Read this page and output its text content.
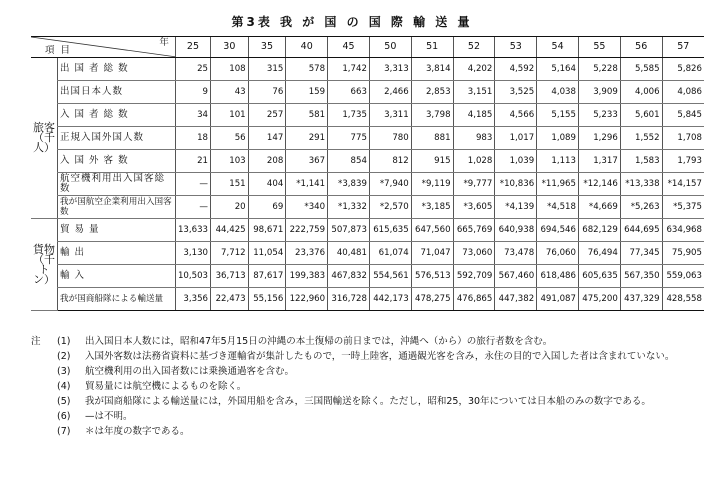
第3表 我 が 国 の 国 際 輸 送 量
年
項目		25	30	35	40	45	50	51	52	53	54	55	56	57
旅客（千人）	出 国 者 総 数	25	108	315	578	1,742	3,313	3,814	4,202	4,592	5,164	5,228	5,585	5,826
	出国日本人数	9	43	76	159	663	2,466	2,853	3,151	3,525	4,038	3,909	4,006	4,086
	入 国 者 総 数	34	101	257	581	1,735	3,311	3,798	4,185	4,566	5,155	5,233	5,601	5,845
	正規入国外国人数	18	56	147	291	775	780	881	983	1,017	1,089	1,296	1,552	1,708
	入 国 外 客 数	21	103	208	367	854	812	915	1,028	1,039	1,113	1,317	1,583	1,793
	航空機利用出入国客総数	—	151	404	*1,141	*3,839	*7,940	*9,119	*9,777	*10,836	*11,965	*12,146	*13,338	*14,157
	我が国航空企業利用出入国客数	—	20	69	*340	*1,332	*2,570	*3,185	*3,605	*4,139	*4,518	*4,669	*5,263	*5,375
貨物（千トン）	貿 易 量	13,633	44,425	98,671	222,759	507,873	615,635	647,560	665,769	640,938	694,546	682,129	644,695	634,968
	輸 出	3,130	7,712	11,054	23,376	40,481	61,074	71,047	73,060	73,478	76,060	76,494	77,345	75,905
	輸 入	10,503	36,713	87,617	199,383	467,832	554,561	576,513	592,709	567,460	618,486	605,635	567,350	559,063
	我が国商船隊による輸送量	3,356	22,473	55,156	122,960	316,728	442,173	478,275	476,865	447,382	491,087	475,200	437,329	428,558
注	(1)	出入国日本人数には，昭和47年5月15日の沖縄の本土復帰の前日までは，沖縄へ（から）の旅行者数を含む。
(2)	入国外客数は法務省資料に基づき運輸省が集計したもので，一時上陸客，通過観光客を含み，永住の目的で入国した者は含まれていない。
(3)	航空機利用の出入国者数には乗換通過客を含む。
(4)	貿易量には航空機によるものを除く。
(5)	我が国商船隊による輸送量には，外国用船を含み，三国間輸送を除く。ただし，昭和25，30年については日本船のみの数字である。
(6)	—は不明。
(7)	＊は年度の数字である。
